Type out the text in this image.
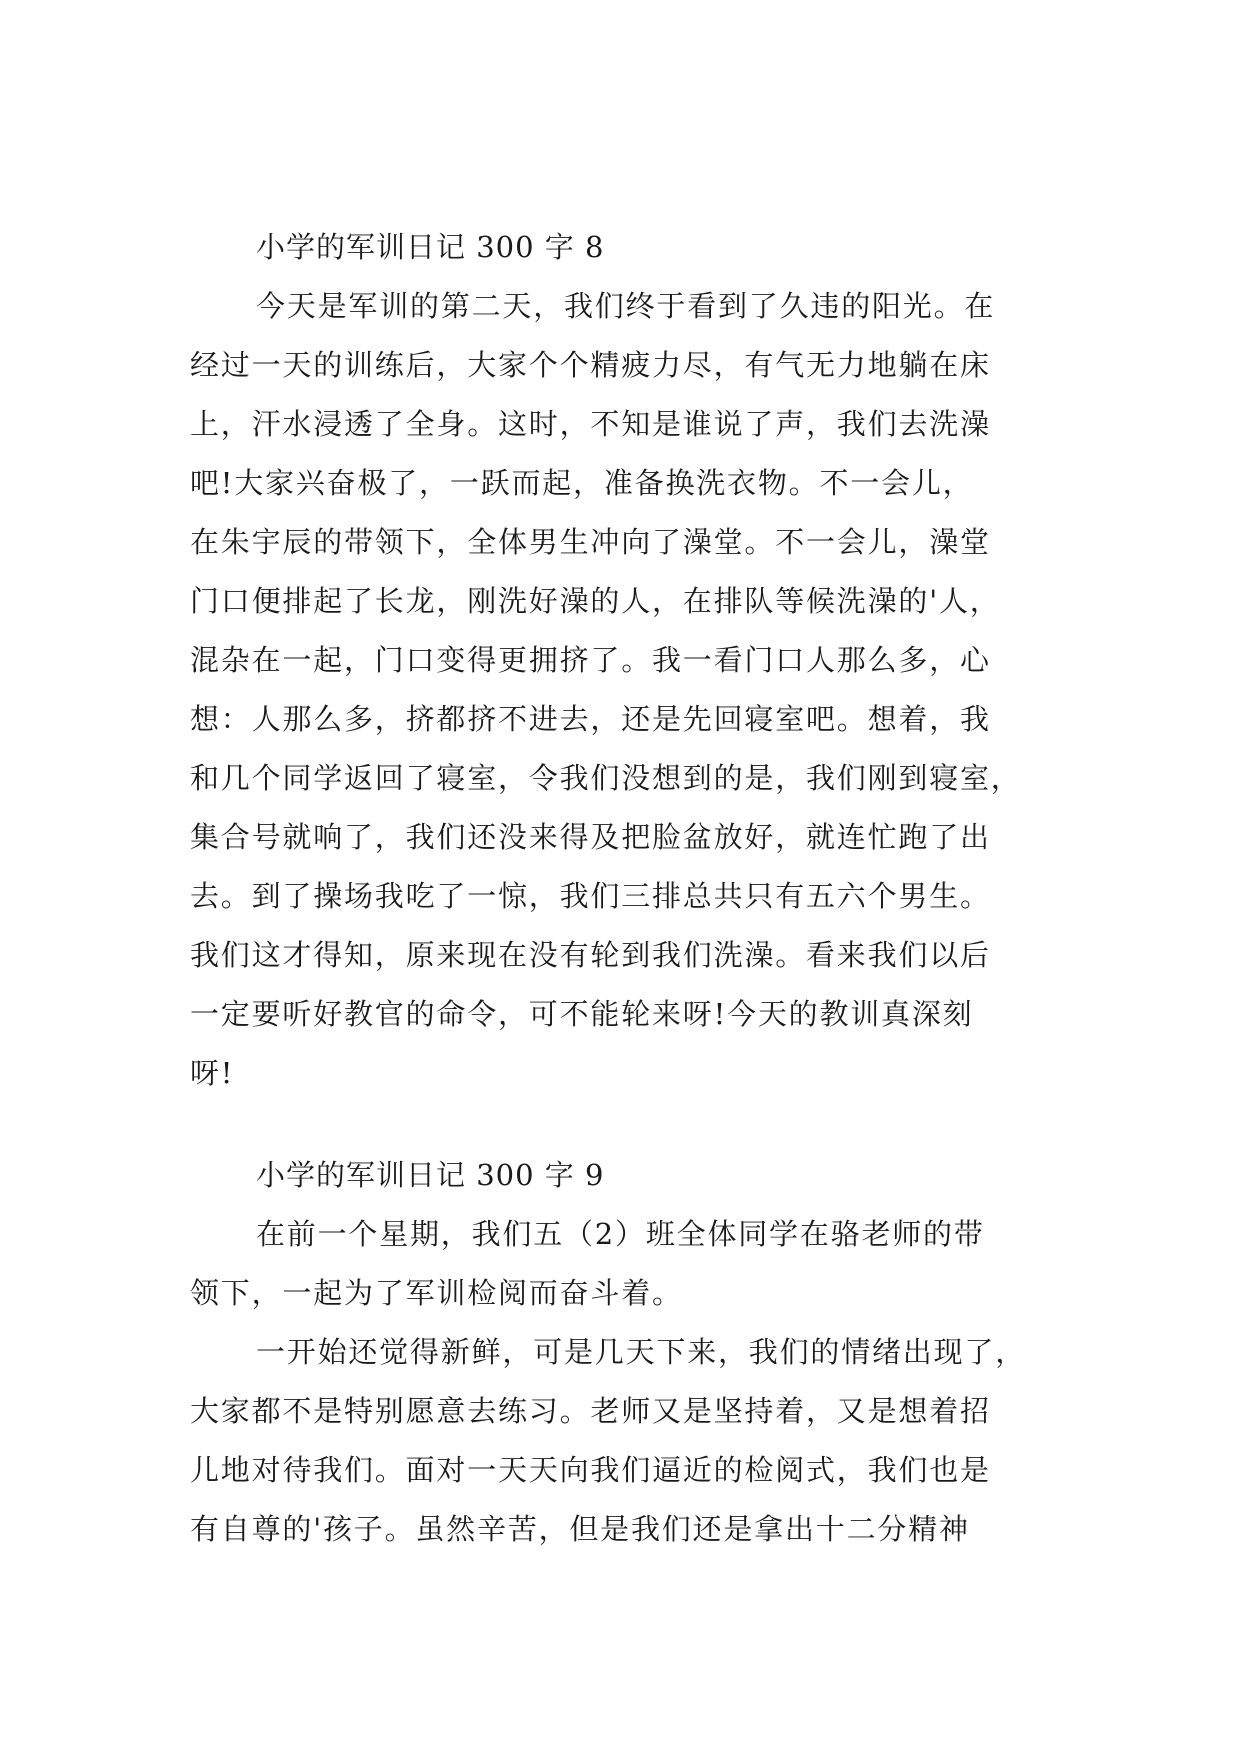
小学的军训日记 300 字 8
今天是军训的第二天，我们终于看到了久违的阳光。在
经过一天的训练后，大家个个精疲力尽，有气无力地躺在床
上，汗水浸透了全身。这时，不知是谁说了声，我们去洗澡
吧!大家兴奋极了，一跃而起，准备换洗衣物。不一会儿，
在朱宇辰的带领下，全体男生冲向了澡堂。不一会儿，澡堂
门口便排起了长龙，刚洗好澡的人，在排队等候洗澡的'人，
混杂在一起，门口变得更拥挤了。我一看门口人那么多，心
想：人那么多，挤都挤不进去，还是先回寝室吧。想着，我
和几个同学返回了寝室，令我们没想到的是，我们刚到寝室，
集合号就响了，我们还没来得及把脸盆放好，就连忙跑了出
去。到了操场我吃了一惊，我们三排总共只有五六个男生。
我们这才得知，原来现在没有轮到我们洗澡。看来我们以后
一定要听好教官的命令，可不能轮来呀!今天的教训真深刻
呀!
小学的军训日记 300 字 9
在前一个星期，我们五（2）班全体同学在骆老师的带
领下，一起为了军训检阅而奋斗着。
一开始还觉得新鲜，可是几天下来，我们的情绪出现了，
大家都不是特别愿意去练习。老师又是坚持着，又是想着招
儿地对待我们。面对一天天向我们逼近的检阅式，我们也是
有自尊的'孩子。虽然辛苦，但是我们还是拿出十二分精神
